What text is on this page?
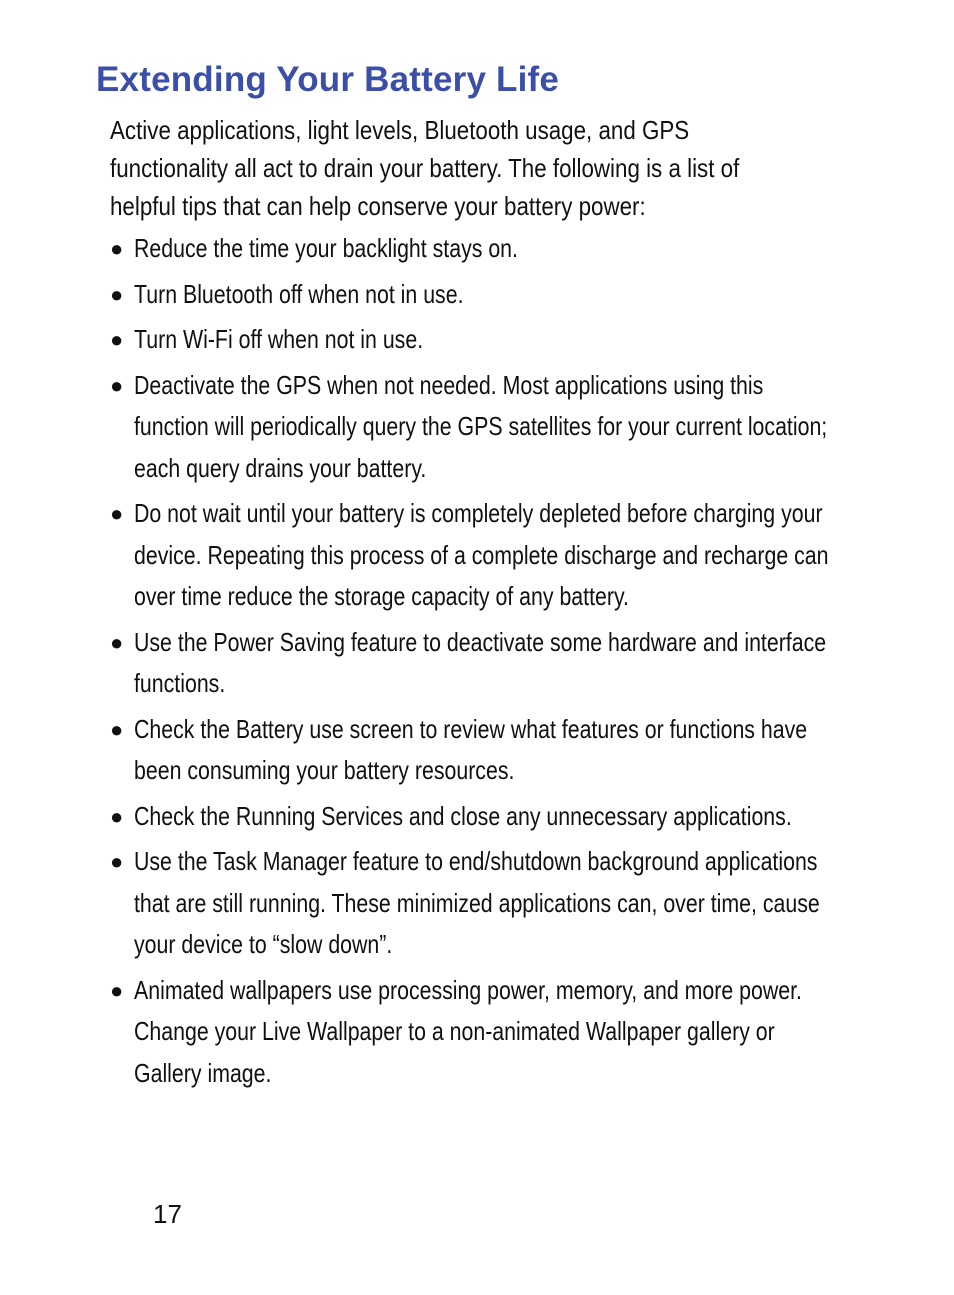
Extending Your Battery Life

Active applications, light levels, Bluetooth usage, and GPS
functionality all act to drain your battery. The following is a list of
helpful tips that can help conserve your battery power:

● Reduce the time your backlight stays on.
● Turn Bluetooth off when not in use.
● Turn Wi-Fi off when not in use.
● Deactivate the GPS when not needed. Most applications using this
function will periodically query the GPS satellites for your current location;
each query drains your battery.
● Do not wait until your battery is completely depleted before charging your
device. Repeating this process of a complete discharge and recharge can
over time reduce the storage capacity of any battery.
● Use the Power Saving feature to deactivate some hardware and interface
functions.
● Check the Battery use screen to review what features or functions have
been consuming your battery resources.
● Check the Running Services and close any unnecessary applications.
● Use the Task Manager feature to end/shutdown background applications
that are still running. These minimized applications can, over time, cause
your device to “slow down”.
● Animated wallpapers use processing power, memory, and more power.
Change your Live Wallpaper to a non-animated Wallpaper gallery or
Gallery image.
17
